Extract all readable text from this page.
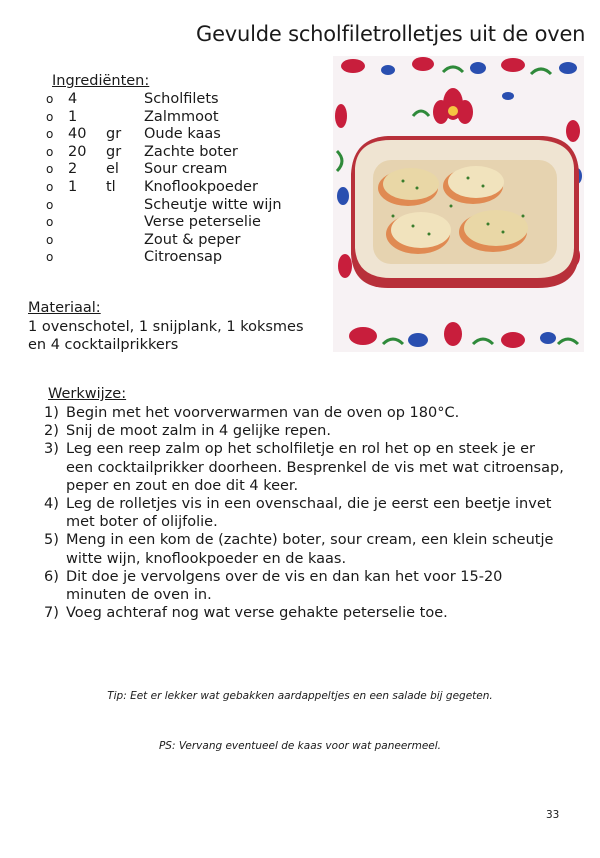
Gevulde scholfiletrolletjes uit de oven
Ingrediënten:
o 4	Scholfilets
o 1	Zalmmoot
o 40 gr Oude kaas
o 20 gr Zachte boter
o 2 el Sour cream
o 1 tl Knoflookpoeder
o	Scheutje witte wijn
o	Verse peterselie
o	Zout & peper
o	Citroensap
Materiaal:
1 ovenschotel, 1 snijplank, 1 koksmes
en 4 cocktailprikkers
Werkwijze:
1) Begin met het voorverwarmen van de oven op 180°C.
2) Snij de moot zalm in 4 gelijke repen.
3) Leg een reep zalm op het scholfiletje en rol het op en steek je er een cocktailprikker doorheen. Besprenkel de vis met wat citroensap, peper en zout en doe dit 4 keer.
4) Leg de rolletjes vis in een ovenschaal, die je eerst een beetje invet met boter of olijfolie.
5) Meng in een kom de (zachte) boter, sour cream, een klein scheutje witte wijn, knoflookpoeder en de kaas.
6) Dit doe je vervolgens over de vis en dan kan het voor 15-20 minuten de oven in.
7) Voeg achteraf nog wat verse gehakte peterselie toe.
Tip: Eet er lekker wat gebakken aardappeltjes en een salade bij gegeten.
PS: Vervang eventueel de kaas voor wat paneermeel.
33
